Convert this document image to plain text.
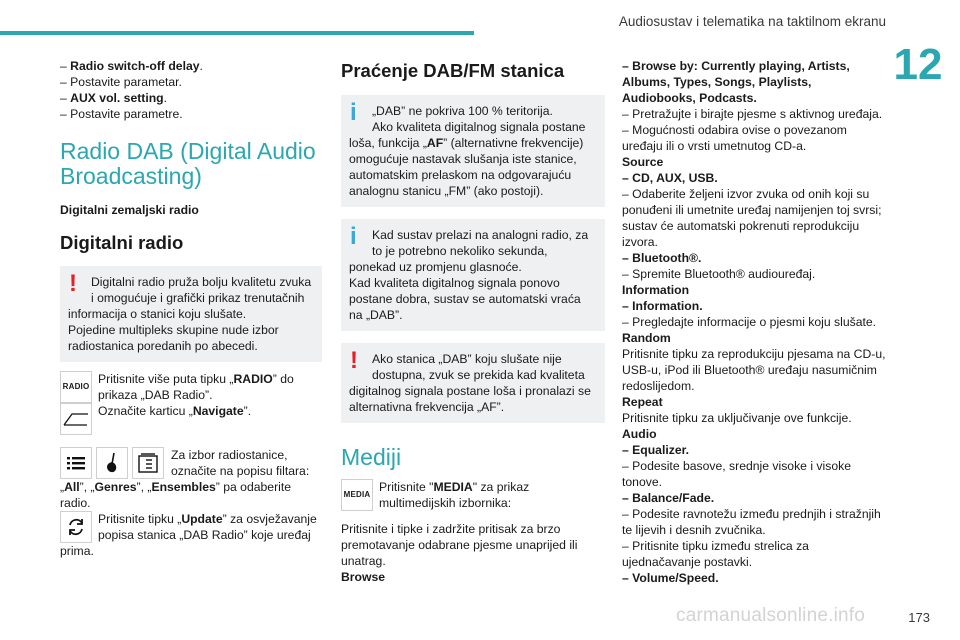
Audiosustav i telematika na taktilnom ekranu
12
– Radio switch-off delay.
– Postavite parametar.
– AUX vol. setting.
– Postavite parametre.
Radio DAB (Digital Audio
Broadcasting)
Digitalni zemaljski radio
Digitalni radio
!	Digitalni radio pruža bolju kvalitetu zvuka

i omogućuje i grafički prikaz trenutačnih

informacija o stanici koju slušate.

Pojedine multipleks skupine nude izbor

radiostanica poredanih po abecedi.

RADIO
Pritisnite više puta tipku „RADIO” do
prikaza „DAB Radio”.
Označite karticu „Navigate”.
Za izbor radiostanice,
označite na popisu filtara:
„All”, „Genres”, „Ensembles” pa odaberite radio.
Pritisnite tipku „Update” za osvježavanje
popisa stanica „DAB Radio” koje uređaj
prima.
Praćenje DAB/FM stanica
i	„DAB” ne pokriva 100 % teritorija.

Ako kvaliteta digitalnog signala postane

loša, funkcija „AF” (alternativne frekvencije)

omogućuje nastavak slušanja iste stanice,

automatskim prelaskom na odgovarajuću

analognu stanicu „FM” (ako postoji).

i	Kad sustav prelazi na analogni radio, za

to je potrebno nekoliko sekunda,

ponekad uz promjenu glasnoće.

Kad kvaliteta digitalnog signala ponovo

postane dobra, sustav se automatski vraća

na „DAB”.

!	Ako stanica „DAB” koju slušate nije

dostupna, zvuk se prekida kad kvaliteta

digitalnog signala postane loša i pronalazi se

alternativna frekvencija „AF”.

Mediji
MEDIA
Pritisnite "MEDIA" za prikaz
multimedijskih izbornika:
Pritisnite i tipke i zadržite pritisak za brzo
premotavanje odabrane pjesme unaprijed ili
unatrag.
Browse
– Browse by: Currently playing, Artists,
Albums, Types, Songs, Playlists,
Audiobooks, Podcasts.
– Pretražujte i birajte pjesme s aktivnog uređaja.
– Mogućnosti odabira ovise o povezanom
uređaju ili o vrsti umetnutog CD-a.
Source
– CD, AUX, USB.
– Odaberite željeni izvor zvuka od onih koji su
ponuđeni ili umetnite uređaj namijenjen toj svrsi;
sustav će automatski pokrenuti reprodukciju
izvora.
– Bluetooth®.
– Spremite Bluetooth® audiouređaj.
Information
– Information.
– Pregledajte informacije o pjesmi koju slušate.
Random
Pritisnite tipku za reprodukciju pjesama na CD-u,
USB-u, iPod ili Bluetooth® uređaju nasumičnim
redoslijedom.
Repeat
Pritisnite tipku za uključivanje ove funkcije.
Audio
– Equalizer.
– Podesite basove, srednje visoke i visoke
tonove.
– Balance/Fade.
– Podesite ravnotežu između prednjih i stražnjih
te lijevih i desnih zvučnika.
– Pritisnite tipku između strelica za
ujednačavanje postavki.
– Volume/Speed.
carmanualsonline.info	173
